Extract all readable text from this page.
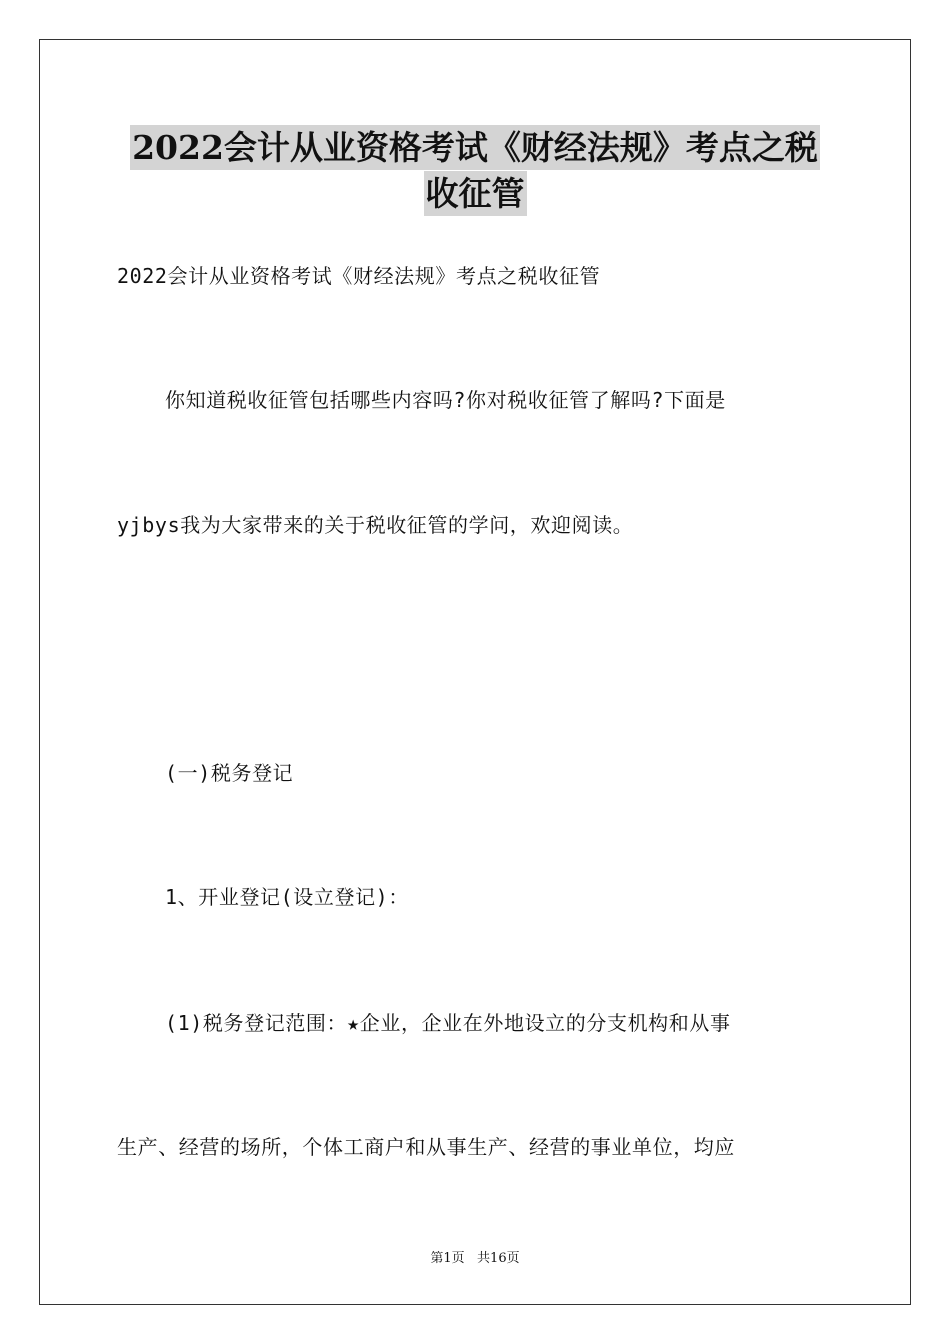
2022会计从业资格考试《财经法规》考点之税
收征管
2022会计从业资格考试《财经法规》考点之税收征管
你知道税收征管包括哪些内容吗?你对税收征管了解吗?下面是
yjbys我为大家带来的关于税收征管的学问，欢迎阅读。
(一)税务登记
1、开业登记(设立登记)：
(1)税务登记范围：★企业，企业在外地设立的分支机构和从事
生产、经营的场所，个体工商户和从事生产、经营的事业单位，均应
第1页   共16页
